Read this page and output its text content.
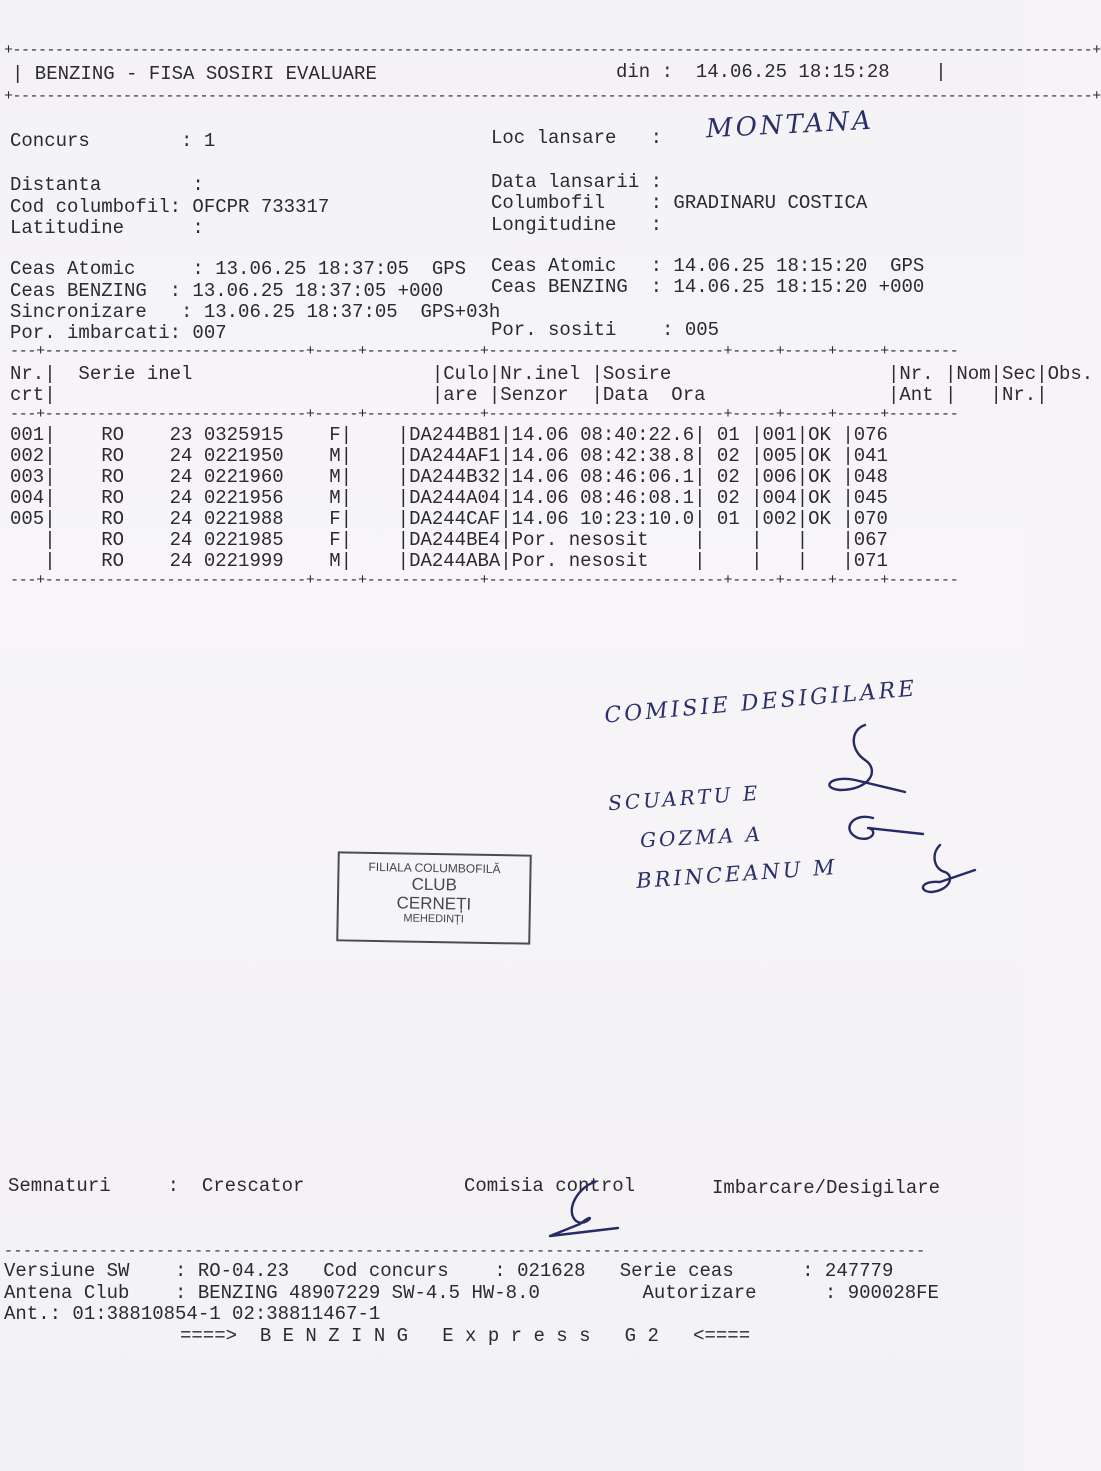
+-------------------------------------------------------------------------------------------------------------------------------+
| BENZING - FISA SOSIRI EVALUARE	din :  14.06.25 18:15:28    |
+-------------------------------------------------------------------------------------------------------------------------------+
Concurs        : 1	Loc lansare   : MONTANA
Distanta        :	Data lansarii :
Cod columbofil: OFCPR 733317	Columbofil    : GRADINARU COSTICA
Latitudine      :	Longitudine   :
Ceas Atomic     : 13.06.25 18:37:05  GPS Ceas Atomic   : 14.06.25 18:15:20  GPS
Ceas BENZING  : 13.06.25 18:37:05 +000	Ceas BENZING  : 14.06.25 18:15:20 +000
Sincronizare   : 13.06.25 18:37:05  GPS+03h
Por. imbarcati: 007	Por. sositi    : 005
---+------------------------------+-----+-------------+---------------------------+-----+-----+-----+--------
Nr.|  Serie inel                     |Culo|Nr.inel |Sosire                   |Nr. |Nom|Sec|Obs.
crt|                                 |are |Senzor  |Data  Ora                |Ant |   |Nr.|
---+------------------------------+-----+-------------+---------------------------+-----+-----+-----+--------
001|    RO    23 0325915    F|    |DA244B81|14.06 08:40:22.6| 01 |001|OK |076
002|    RO    24 0221950    M|    |DA244AF1|14.06 08:42:38.8| 02 |005|OK |041
003|    RO    24 0221960    M|    |DA244B32|14.06 08:46:06.1| 02 |006|OK |048
004|    RO    24 0221956    M|    |DA244A04|14.06 08:46:08.1| 02 |004|OK |045
005|    RO    24 0221988    F|    |DA244CAF|14.06 10:23:10.0| 01 |002|OK |070
|    RO    24 0221985    F|    |DA244BE4|Por. nesosit    |    |   |   |067
|    RO    24 0221999    M|    |DA244ABA|Por. nesosit    |    |   |   |071
---+------------------------------+-----+-------------+---------------------------+-----+-----+-----+--------
COMISIE DESIGILARE
SCUARTU E
GOZMA A
BRINCEANU M
FILIALA COLUMBOFILĂ
CLUB
CERNEȚI
MEHEDINȚI
Semnaturi     :  Crescator	Comisia control	Imbarcare/Desigilare
-------------------------------------------------------------------------------------------------
Versiune SW    : RO-04.23   Cod concurs    : 021628   Serie ceas      : 247779
Antena Club    : BENZING 48907229 SW-4.5 HW-8.0         Autorizare      : 900028FE
Ant.: 01:38810854-1 02:38811467-1
====>  B E N Z I N G   E x p r e s s   G 2   <====
